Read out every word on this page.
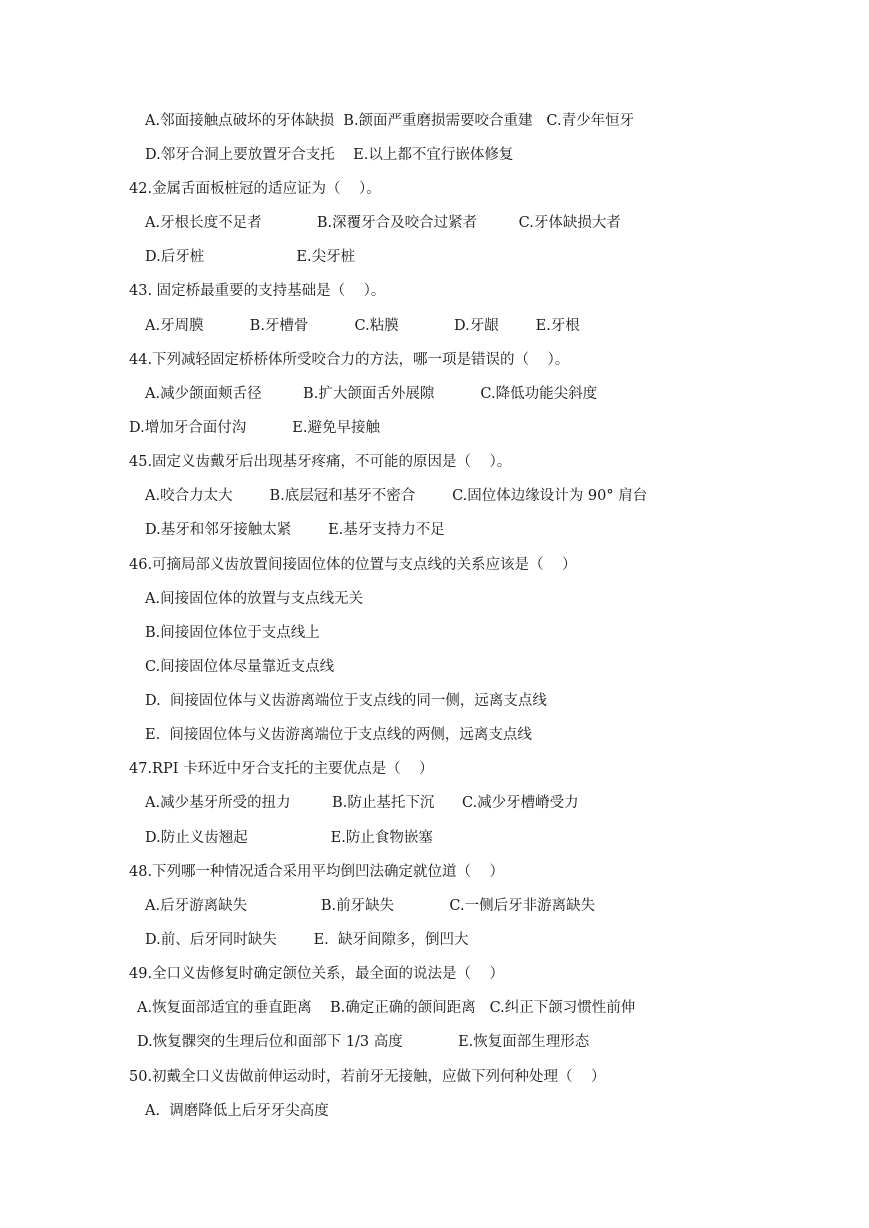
A.邻面接触点破坏的牙体缺损  B.颌面严重磨损需要咬合重建   C.青少年恒牙
D.邻牙合洞上要放置牙合支托    E.以上都不宜行嵌体修复
42.金属舌面板桩冠的适应证为（    ）。
A.牙根长度不足者            B.深覆牙合及咬合过紧者         C.牙体缺损大者
D.后牙桩                    E.尖牙桩
43. 固定桥最重要的支持基础是（    ）。
A.牙周膜          B.牙槽骨          C.粘膜            D.牙龈        E.牙根
44.下列减轻固定桥桥体所受咬合力的方法，哪一项是错误的（    ）。
A.减少颌面颊舌径         B.扩大颌面舌外展隙          C.降低功能尖斜度
D.增加牙合面付沟          E.避免早接触
45.固定义齿戴牙后出现基牙疼痛，不可能的原因是（    ）。
A.咬合力太大        B.底层冠和基牙不密合        C.固位体边缘设计为 90° 肩台
D.基牙和邻牙接触太紧        E.基牙支持力不足
46.可摘局部义齿放置间接固位体的位置与支点线的关系应该是（    ）
A.间接固位体的放置与支点线无关
B.间接固位体位于支点线上
C.间接固位体尽量靠近支点线
D.  间接固位体与义齿游离端位于支点线的同一侧，远离支点线
E.  间接固位体与义齿游离端位于支点线的两侧，远离支点线
47.RPI 卡环近中牙合支托的主要优点是（    ）
A.减少基牙所受的扭力         B.防止基托下沉      C.减少牙槽嵴受力
D.防止义齿翘起                  E.防止食物嵌塞
48.下列哪一种情况适合采用平均倒凹法确定就位道（    ）
A.后牙游离缺失                B.前牙缺失            C.一侧后牙非游离缺失
D.前、后牙同时缺失        E.  缺牙间隙多，倒凹大
49.全口义齿修复时确定颌位关系，最全面的说法是（    ）
A.恢复面部适宜的垂直距离    B.确定正确的颌间距离   C.纠正下颌习惯性前伸
D.恢复髁突的生理后位和面部下 1/3 高度            E.恢复面部生理形态
50.初戴全口义齿做前伸运动时，若前牙无接触，应做下列何种处理（    ）
A.  调磨降低上后牙牙尖高度
